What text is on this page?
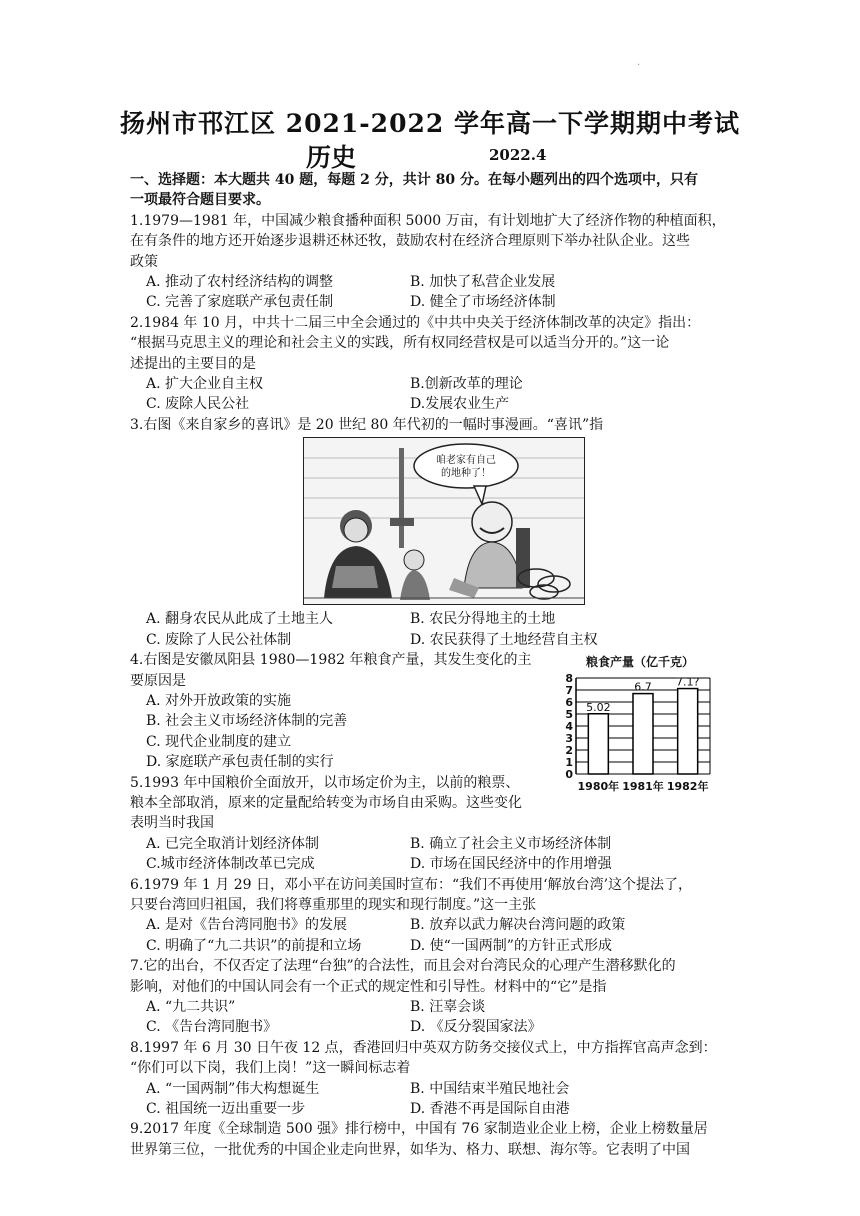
·
扬州市邗江区 2021-2022 学年高一下学期期中考试
历史	2022.4
一、选择题：本大题共 40 题，每题 2 分，共计 80 分。在每小题列出的四个选项中，只有
一项最符合题目要求。
1.1979—1981 年，中国减少粮食播种面积 5000 万亩，有计划地扩大了经济作物的种植面积，
在有条件的地方还开始逐步退耕还林还牧，鼓励农村在经济合理原则下举办社队企业。这些
政策
A. 推动了农村经济结构的调整	B. 加快了私营企业发展
C. 完善了家庭联产承包责任制	D. 健全了市场经济体制
2.1984 年 10 月，中共十二届三中全会通过的《中共中央关于经济体制改革的决定》指出：
“根据马克思主义的理论和社会主义的实践，所有权同经营权是可以适当分开的。”这一论
述提出的主要目的是
A. 扩大企业自主权	B.创新改革的理论
C. 废除人民公社	D.发展农业生产
3.右图《来自家乡的喜讯》是 20 世纪 80 年代初的一幅时事漫画。“喜讯”指
咱老家有自己
的地种了！
A. 翻身农民从此成了土地主人	B. 农民分得地主的土地
C. 废除了人民公社体制	D. 农民获得了土地经营自主权
4.右图是安徽凤阳县 1980—1982 年粮食产量，其发生变化的主
要原因是
A. 对外开放政策的实施
B. 社会主义市场经济体制的完善
C. 现代企业制度的建立
D. 家庭联产承包责任制的实行
粮食产量（亿千克）
0
1
2
3
4
5
6
7
8
5.02
1980年
6.7
1981年
7.1?
1982年
5.1993 年中国粮价全面放开，以市场定价为主，以前的粮票、
粮本全部取消，原来的定量配给转变为市场自由采购。这些变化
表明当时我国
A. 已完全取消计划经济体制	B. 确立了社会主义市场经济体制
C.城市经济体制改革已完成	D. 市场在国民经济中的作用增强
6.1979 年 1 月 29 日，邓小平在访问美国时宣布：“我们不再使用‘解放台湾’这个提法了，
只要台湾回归祖国，我们将尊重那里的现实和现行制度。”这一主张
A. 是对《告台湾同胞书》的发展	B. 放弃以武力解决台湾问题的政策
C. 明确了“九二共识”的前提和立场	D. 使“一国两制”的方针正式形成
7.它的出台，不仅否定了法理“台独”的合法性，而且会对台湾民众的心理产生潜移默化的
影响，对他们的中国认同会有一个正式的规定性和引导性。材料中的“它”是指
A. “九二共识”	B. 汪辜会谈
C. 《告台湾同胞书》	D. 《反分裂国家法》
8.1997 年 6 月 30 日午夜 12 点，香港回归中英双方防务交接仪式上，中方指挥官高声念到：
“你们可以下岗，我们上岗！”这一瞬间标志着
A. “一国两制”伟大构想诞生	B. 中国结束半殖民地社会
C. 祖国统一迈出重要一步	D. 香港不再是国际自由港
9.2017 年度《全球制造 500 强》排行榜中，中国有 76 家制造业企业上榜，企业上榜数量居
世界第三位，一批优秀的中国企业走向世界，如华为、格力、联想、海尔等。它表明了中国
